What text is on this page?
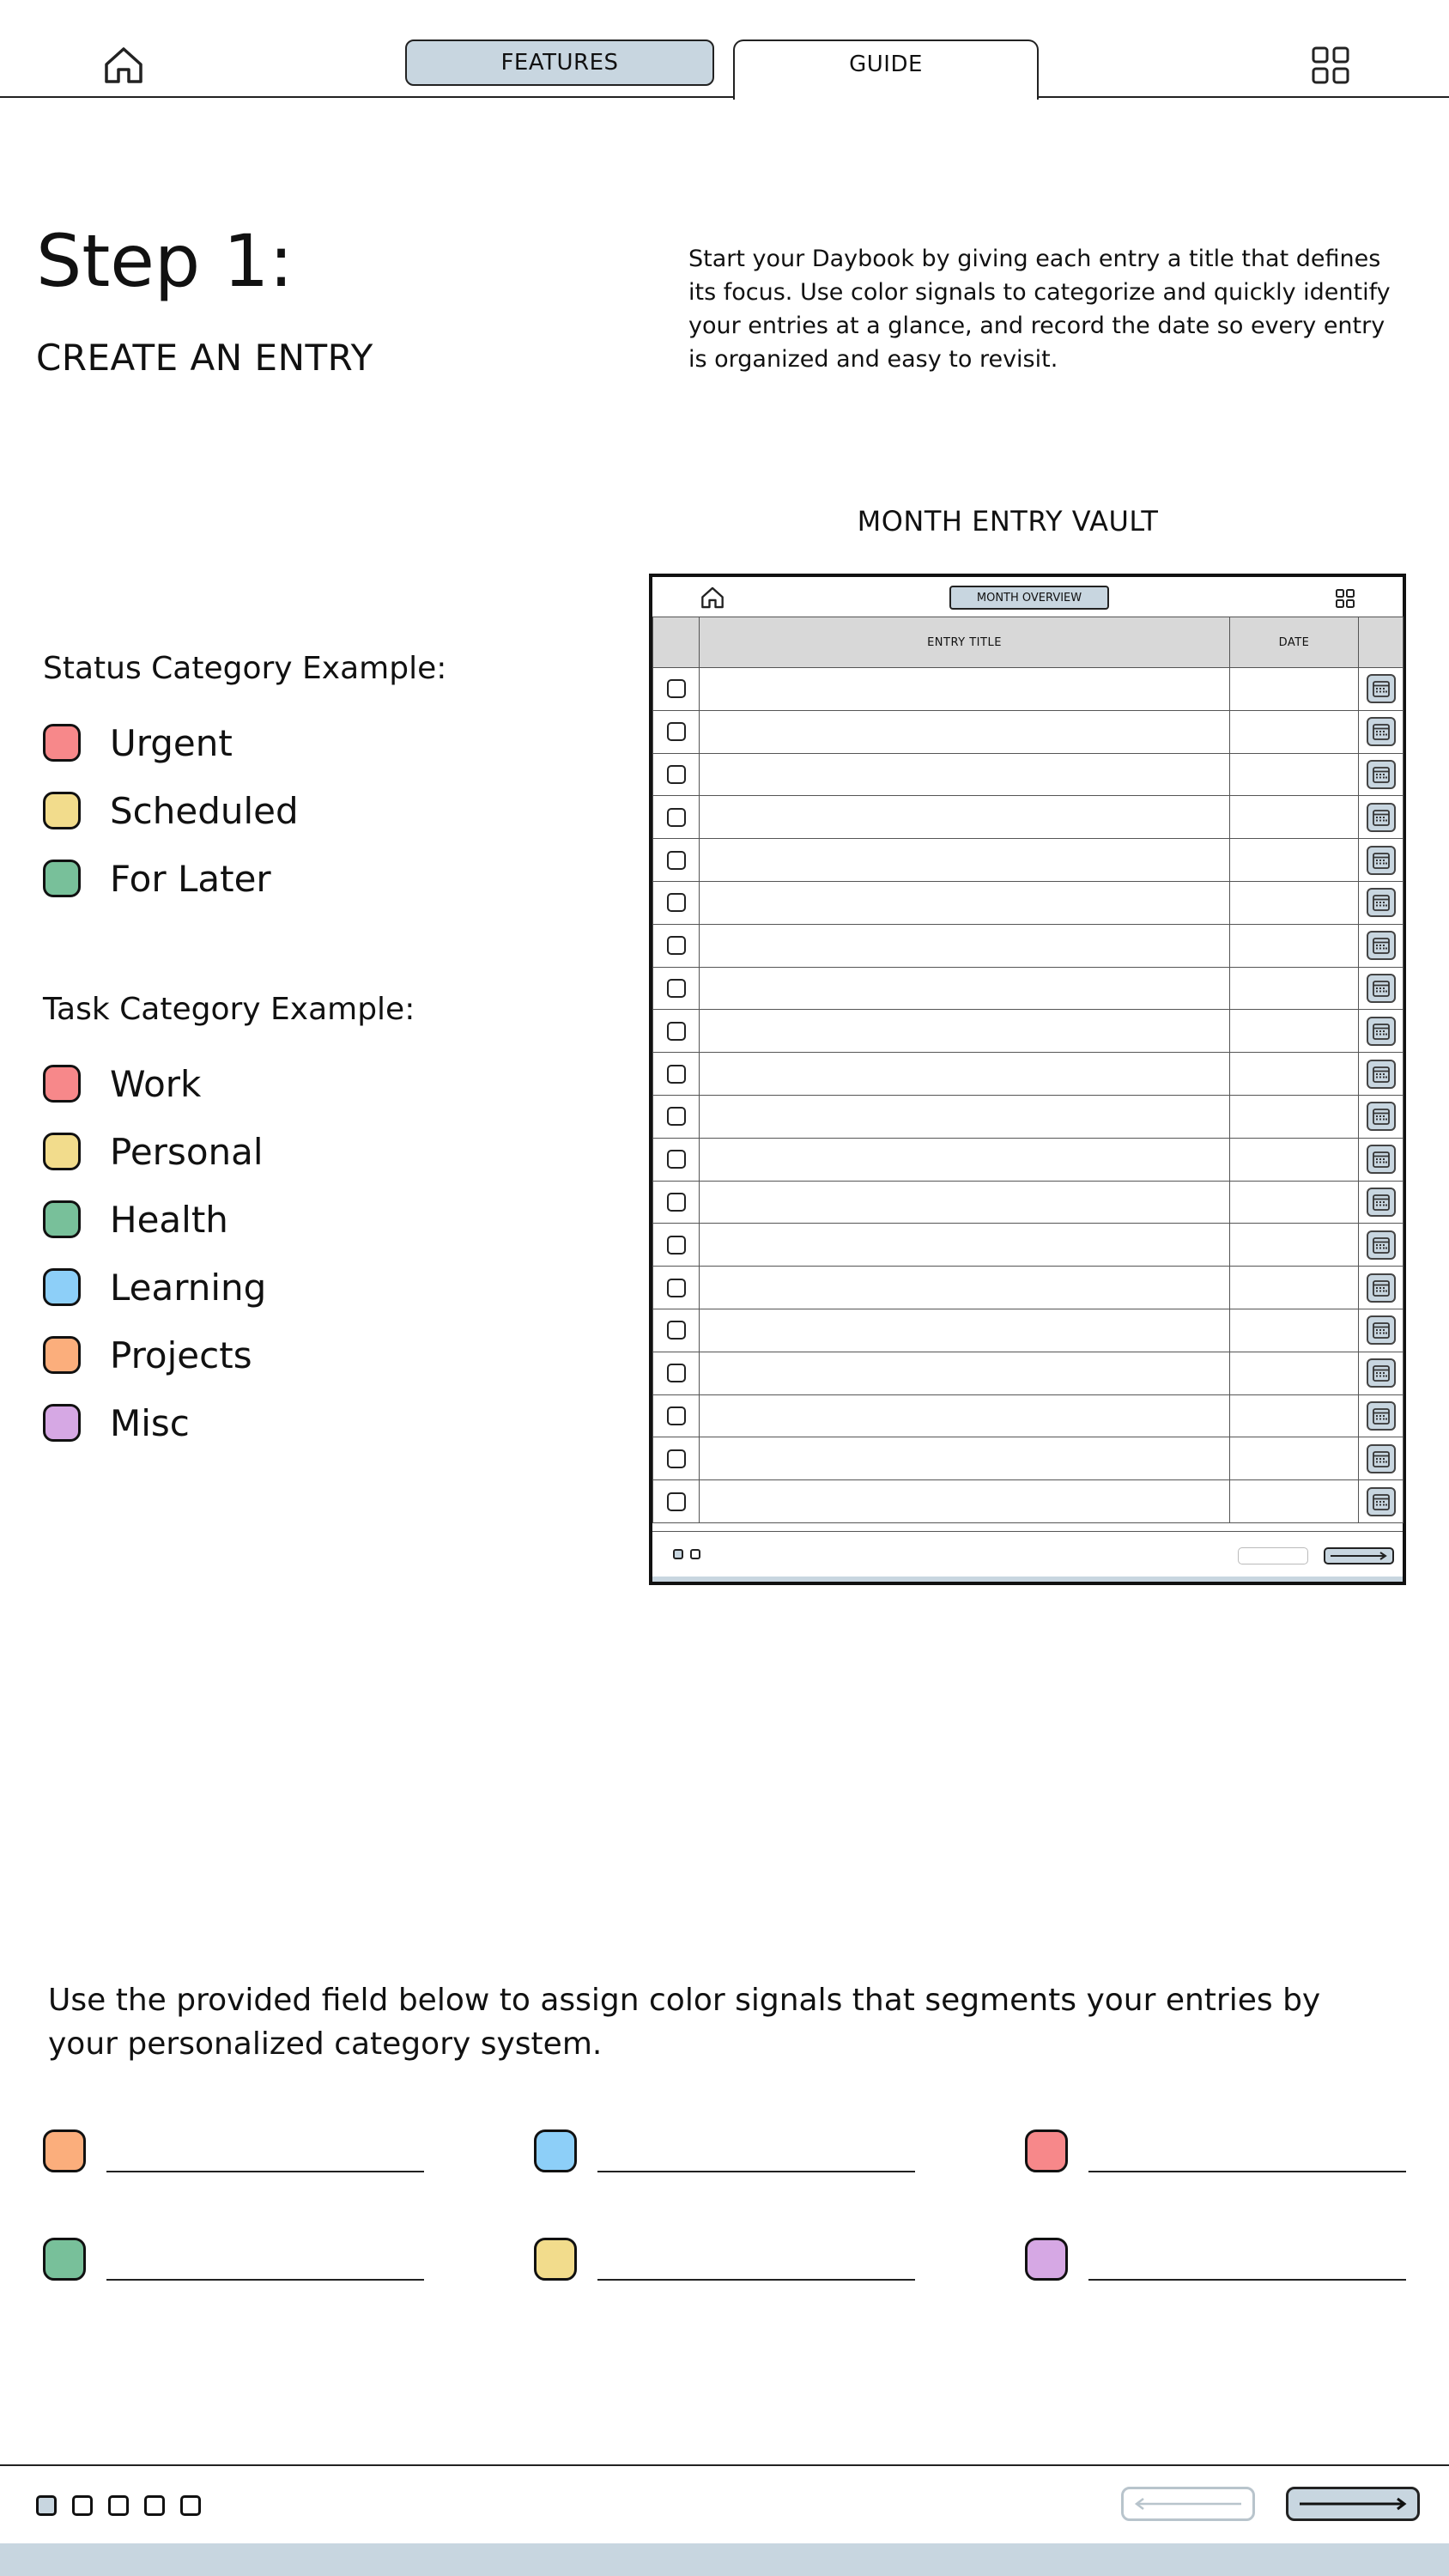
FEATURES	GUIDE
Step 1:
CREATE AN ENTRY
Start your Daybook by giving each entry a title that defines its focus. Use color signals to categorize and quickly identify your entries at a glance, and record the date so every entry is organized and easy to revisit.
Status Category Example:
Urgent
Scheduled
For Later
Task Category Example:
Work
Personal
Health
Learning
Projects
Misc
MONTH ENTRY VAULT
MONTH OVERVIEW
	ENTRY TITLE	DATE	

Use the provided field below to assign color signals that segments your entries by your personalized category system.
